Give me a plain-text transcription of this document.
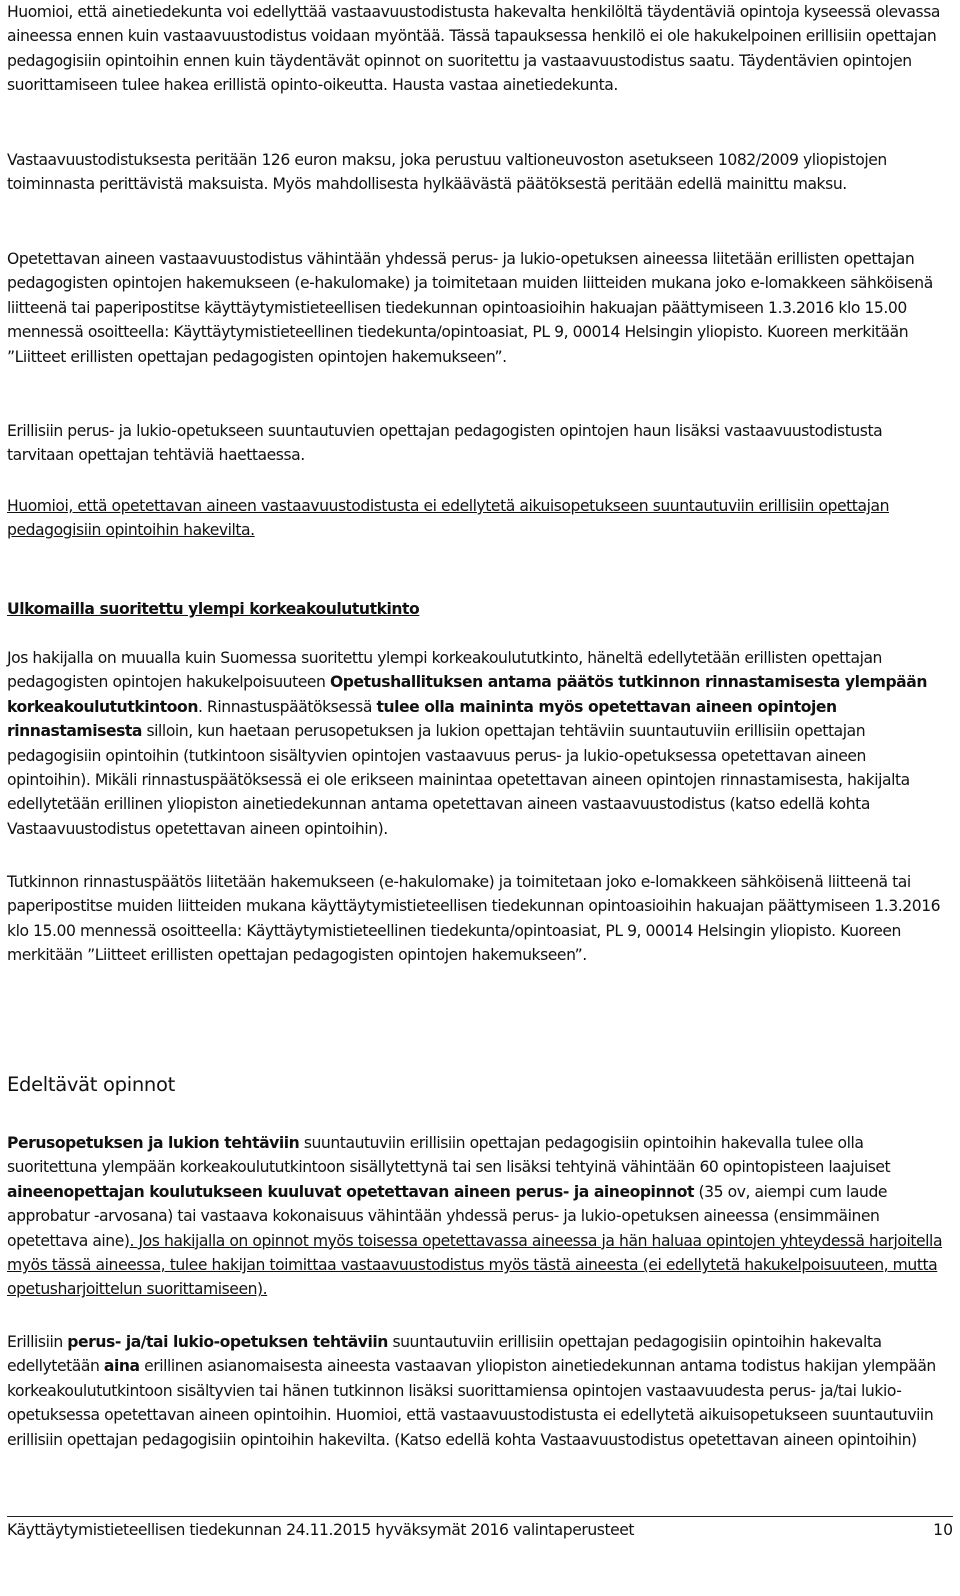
Huomioi, että ainetiedekunta voi edellyttää vastaavuustodistusta hakevalta henkilöltä täydentäviä opintoja kyseessä olevassa aineessa ennen kuin vastaavuustodistus voidaan myöntää. Tässä tapauksessa henkilö ei ole hakukelpoinen erillisiin opettajan pedagogisiin opintoihin ennen kuin täydentävät opinnot on suoritettu ja vastaavuustodistus saatu. Täydentävien opintojen suorittamiseen tulee hakea erillistä opinto-oikeutta. Hausta vastaa ainetiedekunta.

Vastaavuustodistuksesta peritään 126 euron maksu, joka perustuu valtioneuvoston asetukseen 1082/2009 yliopistojen toiminnasta perittävistä maksuista. Myös mahdollisesta hylkäävästä päätöksestä peritään edellä mainittu maksu.

Opetettavan aineen vastaavuustodistus vähintään yhdessä perus- ja lukio-opetuksen aineessa liitetään erillisten opettajan pedagogisten opintojen hakemukseen (e-hakulomake) ja toimitetaan muiden liitteiden mukana joko e-lomakkeen sähköisenä liitteenä tai paperipostitse käyttäytymistieteellisen tiedekunnan opintoasioihin hakuajan päättymiseen 1.3.2016 klo 15.00 mennessä osoitteella: Käyttäytymistieteellinen tiedekunta/opintoasiat, PL 9, 00014 Helsingin yliopisto. Kuoreen merkitään ”Liitteet erillisten opettajan pedagogisten opintojen hakemukseen”.

Erillisiin perus- ja lukio-opetukseen suuntautuvien opettajan pedagogisten opintojen haun lisäksi vastaavuustodistusta tarvitaan opettajan tehtäviä haettaessa.

Huomioi, että opetettavan aineen vastaavuustodistusta ei edellytetä aikuisopetukseen suuntautuviin erillisiin opettajan pedagogisiin opintoihin hakevilta.

Ulkomailla suoritettu ylempi korkeakoulututkinto

Jos hakijalla on muualla kuin Suomessa suoritettu ylempi korkeakoulututkinto, häneltä edellytetään erillisten opettajan pedagogisten opintojen hakukelpoisuuteen Opetushallituksen antama päätös tutkinnon rinnastamisesta ylempään korkeakoulututkintoon. Rinnastuspäätöksessä tulee olla maininta myös opetettavan aineen opintojen rinnastamisesta silloin, kun haetaan perusopetuksen ja lukion opettajan tehtäviin suuntautuviin erillisiin opettajan pedagogisiin opintoihin (tutkintoon sisältyvien opintojen vastaavuus perus- ja lukio-opetuksessa opetettavan aineen opintoihin). Mikäli rinnastuspäätöksessä ei ole erikseen mainintaa opetettavan aineen opintojen rinnastamisesta, hakijalta edellytetään erillinen yliopiston ainetiedekunnan antama opetettavan aineen vastaavuustodistus (katso edellä kohta Vastaavuustodistus opetettavan aineen opintoihin).

Tutkinnon rinnastuspäätös liitetään hakemukseen (e-hakulomake) ja toimitetaan joko e-lomakkeen sähköisenä liitteenä tai paperipostitse muiden liitteiden mukana käyttäytymistieteellisen tiedekunnan opintoasioihin hakuajan päättymiseen 1.3.2016 klo 15.00 mennessä osoitteella: Käyttäytymistieteellinen tiedekunta/opintoasiat, PL 9, 00014 Helsingin yliopisto. Kuoreen merkitään ”Liitteet erillisten opettajan pedagogisten opintojen hakemukseen”.

Edeltävät opinnot

Perusopetuksen ja lukion tehtäviin suuntautuviin erillisiin opettajan pedagogisiin opintoihin hakevalla tulee olla suoritettuna ylempään korkeakoulututkintoon sisällytettynä tai sen lisäksi tehtyinä vähintään 60 opintopisteen laajuiset aineenopettajan koulutukseen kuuluvat opetettavan aineen perus- ja aineopinnot (35 ov, aiempi cum laude approbatur -arvosana) tai vastaava kokonaisuus vähintään yhdessä perus- ja lukio-opetuksen aineessa (ensimmäinen opetettava aine). Jos hakijalla on opinnot myös toisessa opetettavassa aineessa ja hän haluaa opintojen yhteydessä harjoitella myös tässä aineessa, tulee hakijan toimittaa vastaavuustodistus myös tästä aineesta (ei edellytetä hakukelpoisuuteen, mutta opetusharjoittelun suorittamiseen).

Erillisiin perus- ja/tai lukio-opetuksen tehtäviin suuntautuviin erillisiin opettajan pedagogisiin opintoihin hakevalta edellytetään aina erillinen asianomaisesta aineesta vastaavan yliopiston ainetiedekunnan antama todistus hakijan ylempään korkeakoulututkintoon sisältyvien tai hänen tutkinnon lisäksi suorittamiensa opintojen vastaavuudesta perus- ja/tai lukio-opetuksessa opetettavan aineen opintoihin. Huomioi, että vastaavuustodistusta ei edellytetä aikuisopetukseen suuntautuviin erillisiin opettajan pedagogisiin opintoihin hakevilta. (Katso edellä kohta Vastaavuustodistus opetettavan aineen opintoihin)

Käyttäytymistieteellisen tiedekunnan 24.11.2015 hyväksymät 2016 valintaperusteet	10
